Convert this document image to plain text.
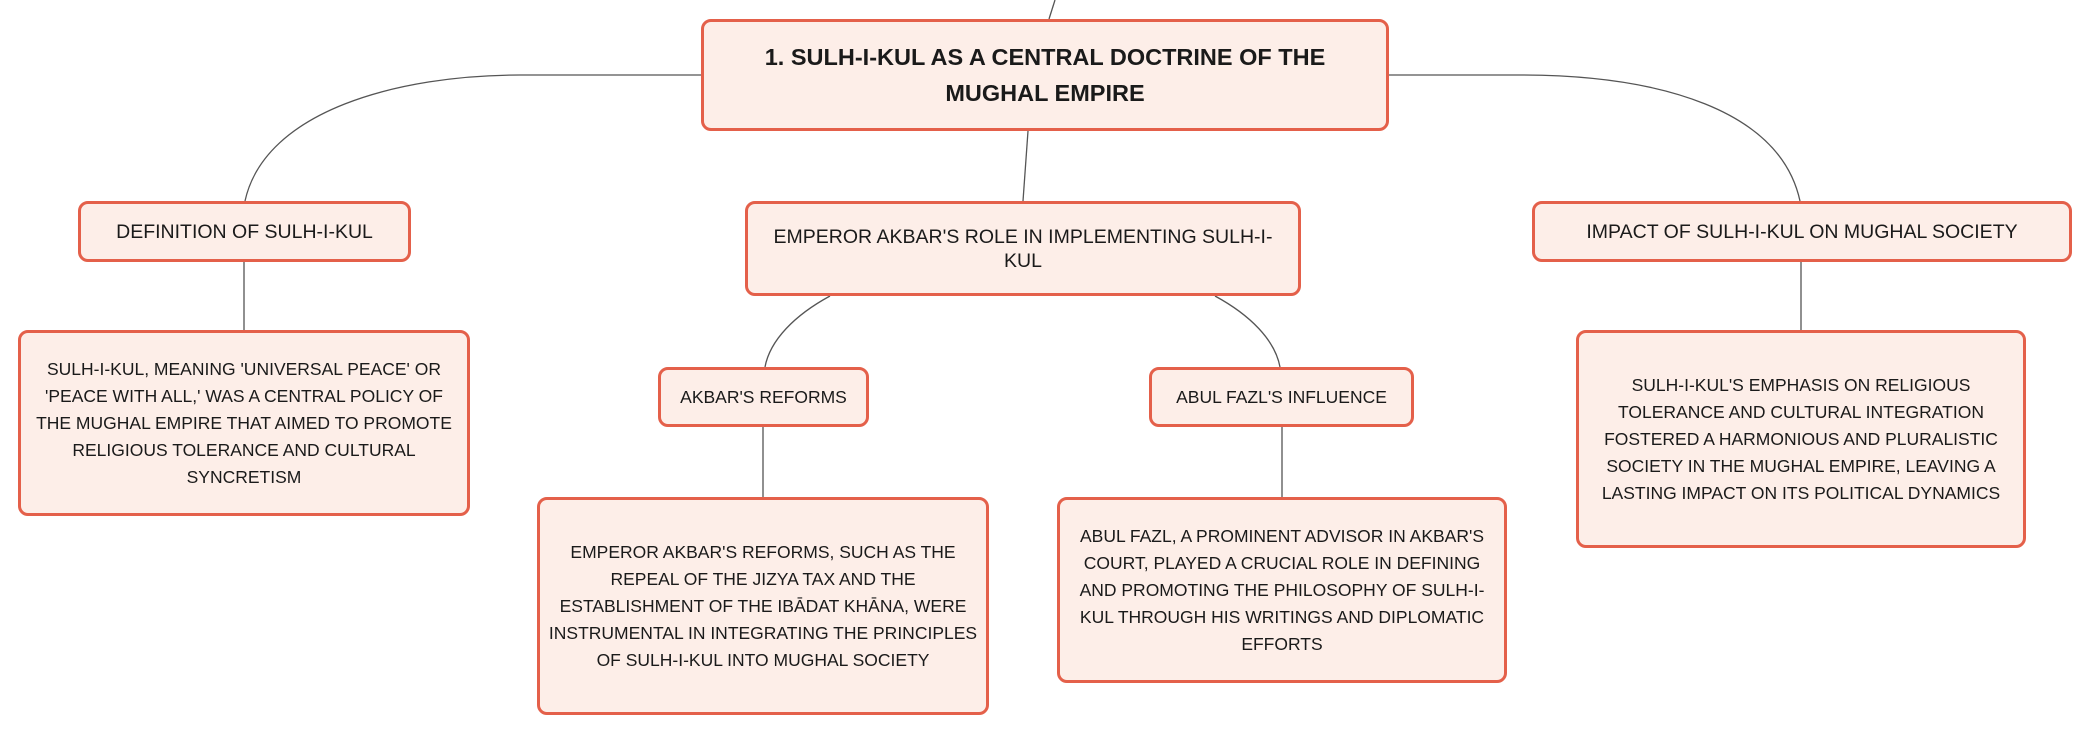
1. SULH-I-KUL AS A CENTRAL DOCTRINE OF THE MUGHAL EMPIRE
DEFINITION OF SULH-I-KUL	EMPEROR AKBAR'S ROLE IN IMPLEMENTING SULH-I-KUL
IMPACT OF SULH-I-KUL ON MUGHAL SOCIETY
SULH-I-KUL, MEANING 'UNIVERSAL PEACE' OR 'PEACE WITH ALL,' WAS A CENTRAL POLICY OF THE MUGHAL EMPIRE THAT AIMED TO PROMOTE RELIGIOUS TOLERANCE AND CULTURAL SYNCRETISM
AKBAR'S REFORMS	ABUL FAZL'S INFLUENCE
EMPEROR AKBAR'S REFORMS, SUCH AS THE REPEAL OF THE JIZYA TAX AND THE ESTABLISHMENT OF THE IBĀDAT KHĀNA, WERE INSTRUMENTAL IN INTEGRATING THE PRINCIPLES OF SULH-I-KUL INTO MUGHAL SOCIETY
ABUL FAZL, A PROMINENT ADVISOR IN AKBAR'S COURT, PLAYED A CRUCIAL ROLE IN DEFINING AND PROMOTING THE PHILOSOPHY OF SULH-I-KUL THROUGH HIS WRITINGS AND DIPLOMATIC EFFORTS
SULH-I-KUL'S EMPHASIS ON RELIGIOUS TOLERANCE AND CULTURAL INTEGRATION FOSTERED A HARMONIOUS AND PLURALISTIC SOCIETY IN THE MUGHAL EMPIRE, LEAVING A LASTING IMPACT ON ITS POLITICAL DYNAMICS
